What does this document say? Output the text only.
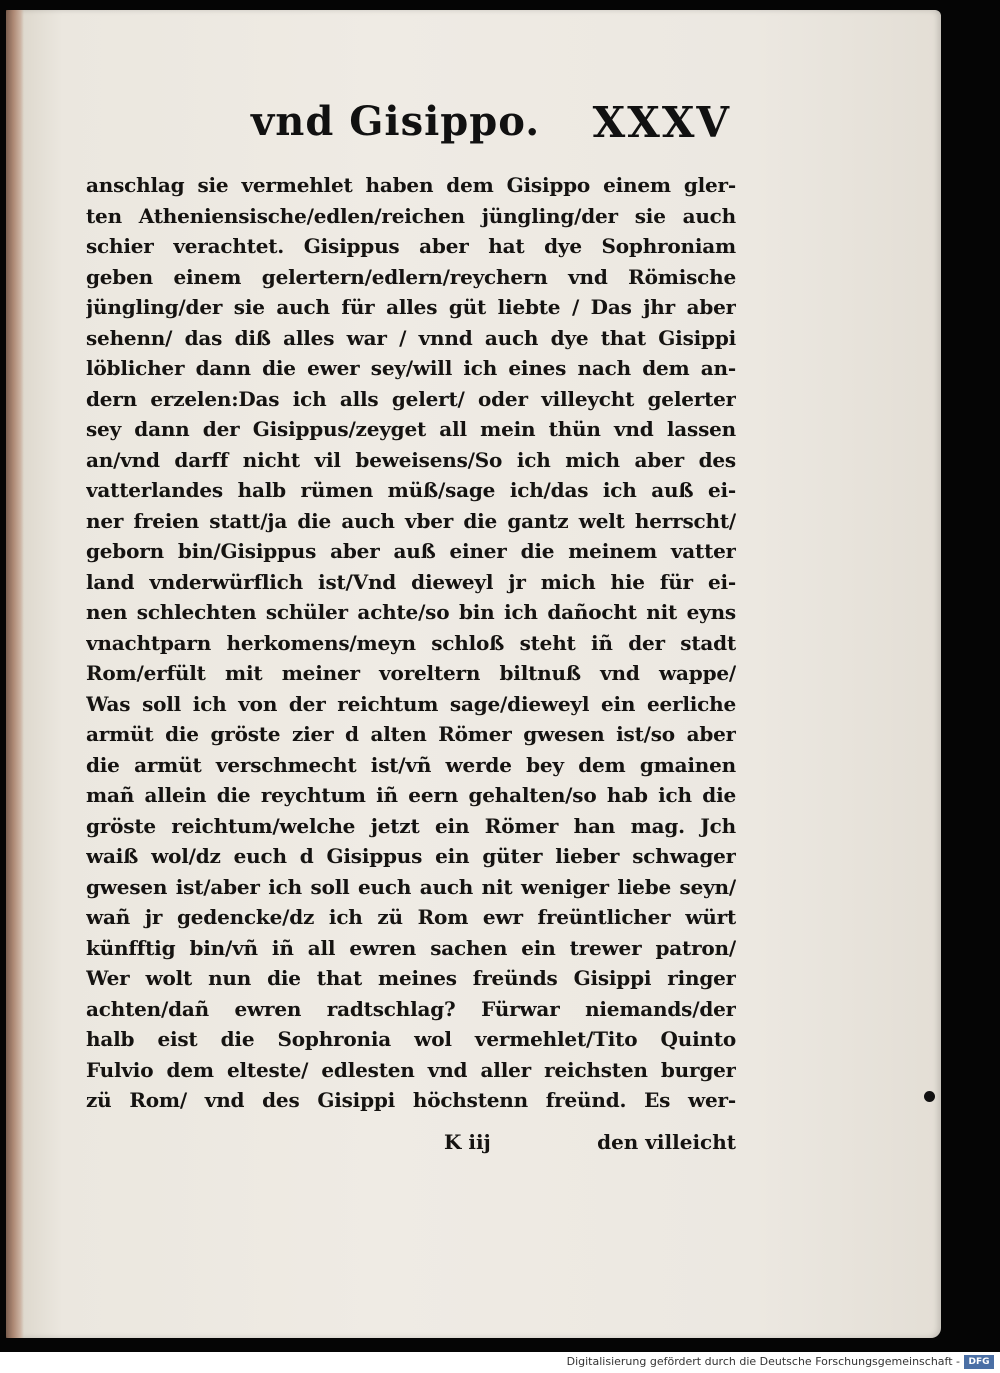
vnd Gisippo. XXXV
anschlag sie vermehlet haben dem Gisippo einem gler-
ten Atheniensische/edlen/reichen jüngling/der sie auch
schier verachtet. Gisippus aber hat dye Sophroniam
geben einem gelertern/edlern/reychern vnd Römische
jüngling/der sie auch für alles güt liebte / Das jhr aber
sehenn/ das diß alles war / vnnd auch dye that Gisippi
löblicher dann die ewer sey/will ich eines nach dem an-
dern erzelen:Das ich alls gelert/ oder villeycht gelerter
sey dann der Gisippus/zeyget all mein thün vnd lassen
an/vnd darff nicht vil beweisens/So ich mich aber des
vatterlandes halb rümen müß/sage ich/das ich auß ei-
ner freien statt/ja die auch vber die gantz welt herrscht/
geborn bin/Gisippus aber auß einer die meinem vatter
land vnderwürflich ist/Vnd dieweyl jr mich hie für ei-
nen schlechten schüler achte/so bin ich dañocht nit eyns
vnachtparn herkomens/meyn schloß steht iñ der stadt
Rom/erfült mit meiner voreltern biltnuß vnd wappe/
Was soll ich von der reichtum sage/dieweyl ein eerliche
armüt die gröste zier d alten Römer gwesen ist/so aber
die armüt verschmecht ist/vñ werde bey dem gmainen
mañ allein die reychtum iñ eern gehalten/so hab ich die
gröste reichtum/welche jetzt ein Römer han mag. Jch
waiß wol/dz euch d Gisippus ein güter lieber schwager
gwesen ist/aber ich soll euch auch nit weniger liebe seyn/
wañ jr gedencke/dz ich zü Rom ewr freüntlicher würt
künfftig bin/vñ iñ all ewren sachen ein trewer patron/
Wer wolt nun die that meines freünds Gisippi ringer
achten/dañ ewren radtschlag? Fürwar niemands/der
halb eist die Sophronia wol vermehlet/Tito Quinto
Fulvio dem elteste/ edlesten vnd aller reichsten burger
zü Rom/ vnd des Gisippi höchstenn freünd. Es wer-
K iij	den villeicht
Digitalisierung gefördert durch die Deutsche Forschungsgemeinschaft - DFG
